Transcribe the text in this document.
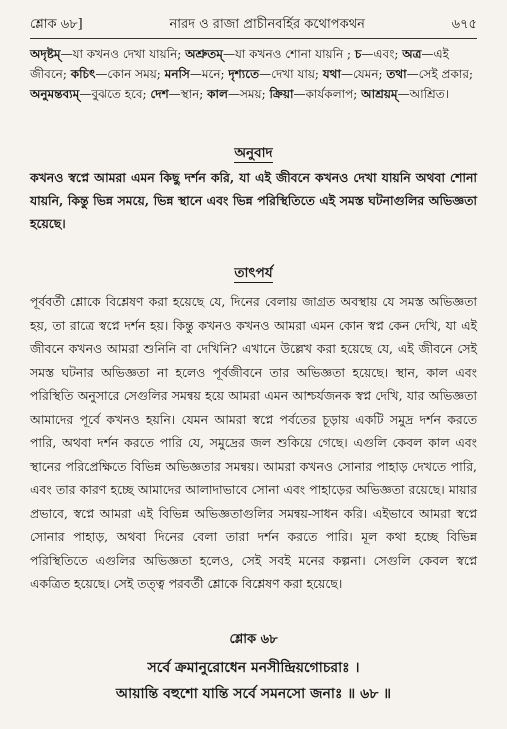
শ্লোক ৬৮]	নারদ ও রাজা প্রাচীনবর্হির কথোপকথন	৬৭৫
অদৃষ্টম্—যা কখনও দেখা যায়নি; অশ্রুতম্—যা কখনও শোনা যায়নি ; চ—এবং; অত্র—এই জীবনে; কচিৎ—কোন সময়; মনসি—মনে; দৃশ্যতে—দেখা যায়; যথা—যেমন; তথা—সেই প্রকার; অনুমন্তব্যম্—বুঝতে হবে; দেশ—স্থান; কাল—সময়; ক্রিয়া—কার্যকলাপ; আশ্রয়ম্—আশ্রিত।
অনুবাদ
কখনও স্বপ্নে আমরা এমন কিছু দর্শন করি, যা এই জীবনে কখনও দেখা যায়নি অথবা শোনা যায়নি, কিন্তু ভিন্ন সময়ে, ভিন্ন স্থানে এবং ভিন্ন পরিস্থিতিতে এই সমস্ত ঘটনাগুলির অভিজ্ঞতা হয়েছে।
তাৎপর্য
পূর্ববর্তী শ্লোকে বিশ্লেষণ করা হয়েছে যে, দিনের বেলায় জাগ্রত অবস্থায় যে সমস্ত অভিজ্ঞতা হয়, তা রাত্রে স্বপ্নে দর্শন হয়। কিন্তু কখনও কখনও আমরা এমন কোন স্বপ্ন কেন দেখি, যা এই জীবনে কখনও আমরা শুনিনি বা দেখিনি? এখানে উল্লেখ করা হয়েছে যে, এই জীবনে সেই সমস্ত ঘটনার অভিজ্ঞতা না হলেও পূর্বজীবনে তার অভিজ্ঞতা হয়েছে। স্থান, কাল এবং পরিস্থিতি অনুসারে সেগুলির সমন্বয় হয়ে আমরা এমন আশ্চর্যজনক স্বপ্ন দেখি, যার অভিজ্ঞতা আমাদের পূর্বে কখনও হয়নি। যেমন আমরা স্বপ্নে পর্বতের চূড়ায় একটি সমুদ্র দর্শন করতে পারি, অথবা দর্শন করতে পারি যে, সমুদ্রের জল শুকিয়ে গেছে। এগুলি কেবল কাল এবং স্থানের পরিপ্রেক্ষিতে বিভিন্ন অভিজ্ঞতার সমন্বয়। আমরা কখনও সোনার পাহাড় দেখতে পারি, এবং তার কারণ হচ্ছে আমাদের আলাদাভাবে সোনা এবং পাহাড়ের অভিজ্ঞতা রয়েছে। মায়ার প্রভাবে, স্বপ্নে আমরা এই বিভিন্ন অভিজ্ঞতাগুলির সমন্বয়-সাধন করি। এইভাবে আমরা স্বপ্নে সোনার পাহাড়, অথবা দিনের বেলা তারা দর্শন করতে পারি। মূল কথা হচ্ছে বিভিন্ন পরিস্থিতিতে এগুলির অভিজ্ঞতা হলেও, সেই সবই মনের কল্পনা। সেগুলি কেবল স্বপ্নে একত্রিত হয়েছে। সেই তত্ত্ব পরবর্তী শ্লোকে বিশ্লেষণ করা হয়েছে।
শ্লোক ৬৮
সর্বে ক্রমানুরোধেন মনসীন্দ্রিয়গোচরাঃ ।
আয়ান্তি বহুশো যান্তি সর্বে সমনসো জনাঃ ॥ ৬৮ ॥
